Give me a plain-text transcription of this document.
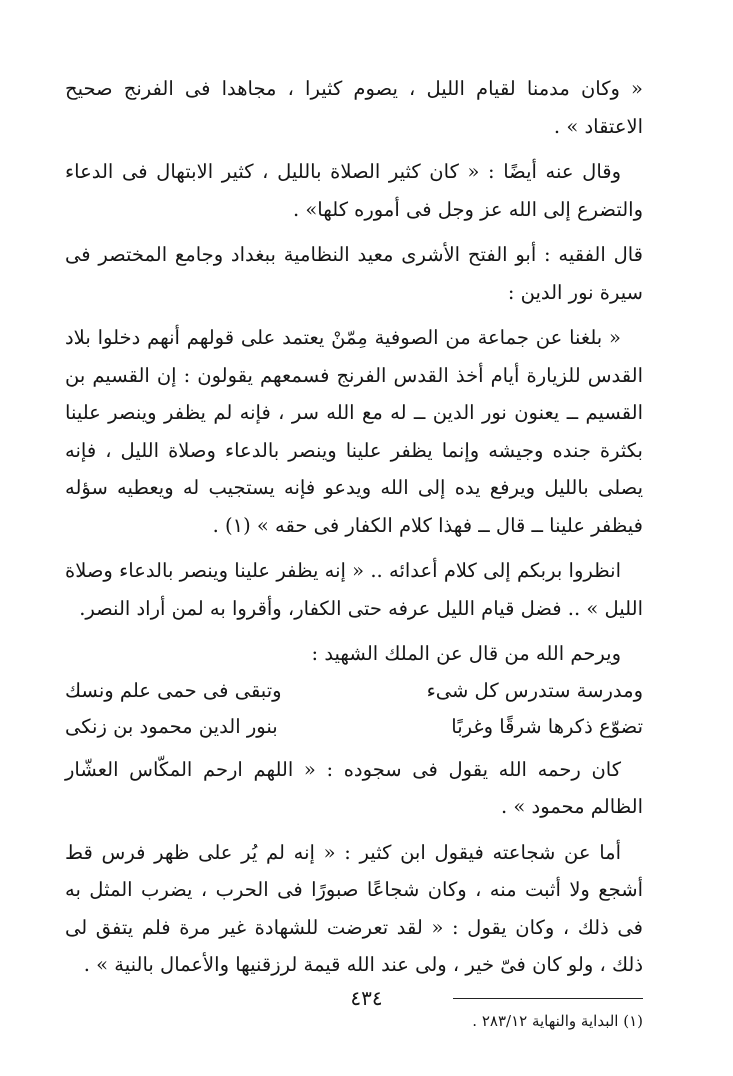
« وكان مدمنا لقيام الليل ، يصوم كثيرا ، مجاهدا فى الفرنج صحيح الاعتقاد » .

وقال عنه أيضًا : « كان كثير الصلاة بالليل ، كثير الابتهال فى الدعاء والتضرع إلى الله عز وجل فى أموره كلها» .

قال الفقيه : أبو الفتح الأشرى معيد النظامية ببغداد وجامع المختصر فى سيرة نور الدين :

« بلغنا عن جماعة من الصوفية مِمّنْ يعتمد على قولهم أنهم دخلوا بلاد القدس للزيارة أيام أخذ القدس الفرنج فسمعهم يقولون : إن القسيم بن القسيم ــ يعنون نور الدين ــ له مع الله سر ، فإنه لم يظفر وينصر علينا بكثرة جنده وجيشه وإنما يظفر علينا وينصر بالدعاء وصلاة الليل ، فإنه يصلى بالليل ويرفع يده إلى الله ويدعو فإنه يستجيب له ويعطيه سؤله فيظفر علينا ــ قال ــ فهذا كلام الكفار فى حقه » (١) .

انظروا بربكم إلى كلام أعدائه .. « إنه يظفر علينا وينصر بالدعاء وصلاة الليل » .. فضل قيام الليل عرفه حتى الكفار، وأقروا به لمن أراد النصر.

ويرحم الله من قال عن الملك الشهيد :

ومدرسة ستدرس كل شىء
وتبقى فى حمى علم ونسك
تضوّع ذكرها شرقًا وغربًا
بنور الدين محمود بن زنكى

كان رحمه الله يقول فى سجوده : « اللهم ارحم المكّاس العشّار الظالم محمود » .

أما عن شجاعته فيقول ابن كثير : « إنه لم يُر على ظهر فرس قط أشجع ولا أثبت منه ، وكان شجاعًا صبورًا فى الحرب ، يضرب المثل به فى ذلك ، وكان يقول : « لقد تعرضت للشهادة غير مرة فلم يتفق لى ذلك ، ولو كان فىّ خير ، ولى عند الله قيمة لرزقنيها والأعمال بالنية » .

(١) البداية والنهاية ٢٨٣/١٢ .

٤٣٤
